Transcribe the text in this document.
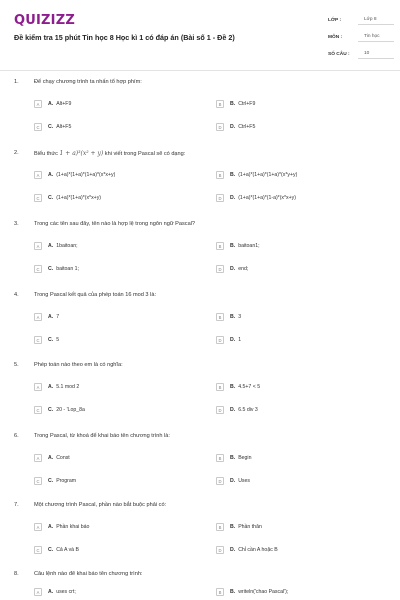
QUIZIZZ
Đề kiểm tra 15 phút Tin học 8 Học kì 1 có đáp án (Bài số 1 - Đề 2)
LỚP :	Lớp 8
MÔN :	Tin học
SỐ CÂU :	10
1.	Để chạy chương trình ta nhấn tổ hợp phím:
A	A. Alt+F9	B	B. Ctrl+F9
C	C. Alt+F5	D	D. Ctrl+F5
2.	Biểu thức 1 + a)³(x² + y) khi viết trong Pascal sẽ có dạng:
A	A. (1+a)*(1+a)*(1+a)*(x*x+y)	B	B. (1+a)*(1+a)*(1+a)*(x*y+y)
C	C. (1+a)*(1+a)*(x*x+y)	D	D. (1+a)*(1+a)*(1-a)*(x*x+y)
3.	Trong các tên sau đây, tên nào là hợp lệ trong ngôn ngữ Pascal?
A	A. 1baitoan;	B	B. baitoan1;
C	C. baitoan 1;	D	D. end;
4.	Trong Pascal kết quả của phép toán 16 mod 3 là:
A	A. 7	B	B. 3
C	C. 5	D	D. 1
5.	Phép toán nào theo em là có nghĩa:
A	A. 5.1 mod 2	B	B. 4.5+7 < 5
C	C. 20 - 'Lop_8a	D	D. 6.5 div 3
6.	Trong Pascal, từ khoá để khai báo tên chương trình là:
A	A. Const	B	B. Begin
C	C. Program	D	D. Uses
7.	Một chương trình Pascal, phần nào bắt buộc phải có:
A	A. Phần khai báo	B	B. Phần thân
C	C. Cả A và B	D	D. Chỉ cần A hoặc B
8.	Câu lệnh nào để khai báo tên chương trình:
A	A. uses crt;	B	B. writeln('chao Pascal');
